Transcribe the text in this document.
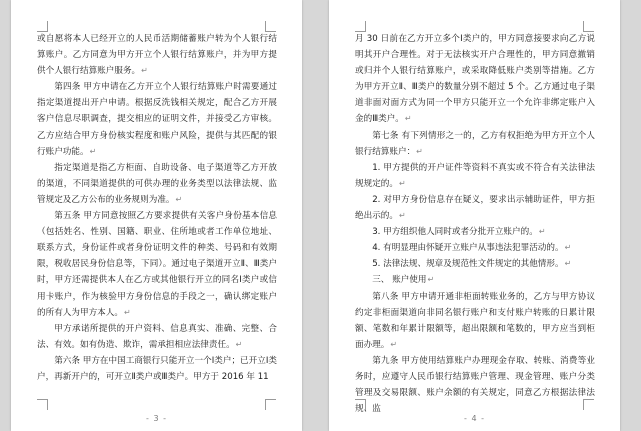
或自愿将本人已经开立的人民币活期储蓄账户转为个人银行结算账户。乙方同意为甲方开立个人银行结算账户，并为甲方提供个人银行结算账户服务。↵

第四条 甲方申请在乙方开立个人银行结算账户时需要通过指定渠道提出开户申请。根据反洗钱相关规定，配合乙方开展客户信息尽职调查，提交相应的证明文件，并接受乙方审核。乙方应结合甲方身份核实程度和账户风险，提供与其匹配的银行账户功能。↵

指定渠道是指乙方柜面、自助设备、电子渠道等乙方开放的渠道，不同渠道提供的可供办理的业务类型以法律法规、监管规定及乙方公布的业务规则为准。↵

第五条 甲方同意按照乙方要求提供有关客户身份基本信息（包括姓名、性别、国籍、职业、住所地或者工作单位地址、联系方式，身份证件或者身份证明文件的种类、号码和有效期限，税收居民身份信息等，下同）。通过电子渠道开立Ⅱ、Ⅲ类户时，甲方还需提供本人在乙方或其他银行开立的同名Ⅰ类户或信用卡账户，作为核验甲方身份信息的手段之一，确认绑定账户的所有人为甲方本人。↵

甲方承诺所提供的开户资料、信息真实、准确、完整、合法、有效。如有伪造、欺诈，需承担相应法律责任。↵

第六条 甲方在中国工商银行只能开立一个Ⅰ类户；已开立Ⅰ类户，再新开户的，可开立Ⅱ类户或Ⅲ类户。甲方于 2016 年 11

- 3 -

月 30 日前在乙方开立多个Ⅰ类户的，甲方同意接要求向乙方说明其开户合理性。对于无法核实开户合理性的，甲方同意撤销或归并个人银行结算账户，或采取降低账户类别等措施。乙方为甲方开立Ⅱ、Ⅲ类户的数量分别不超过 5 个。乙方通过电子渠道非面对面方式为同一个甲方只能开立一个允许非绑定账户入金的Ⅲ类户。↵

第七条 有下列情形之一的，乙方有权拒绝为甲方开立个人银行结算账户：↵

1. 甲方提供的开户证件等资料不真实或不符合有关法律法规规定的。↵

2. 对甲方身份信息存在疑义，要求出示辅助证件，甲方拒绝出示的。↵

3. 甲方组织他人同时或者分批开立账户的。↵

4. 有明显理由怀疑开立账户从事违法犯罪活动的。↵

5. 法律法规、规章及规范性文件规定的其他情形。↵

三、 账户使用↵

第八条 甲方申请开通非柜面转账业务的，乙方与甲方协议约定非柜面渠道向非同名银行账户和支付账户转账的日累计限额、笔数和年累计限额等，超出限额和笔数的，甲方应当到柜面办理。↵

第九条 甲方使用结算账户办理现金存取、转账、消费等业务时，应遵守人民币银行结算账户管理、现金管理、账户分类管理及交易限额、账户余额的有关规定，同意乙方根据法律法规、监

- 4 -
